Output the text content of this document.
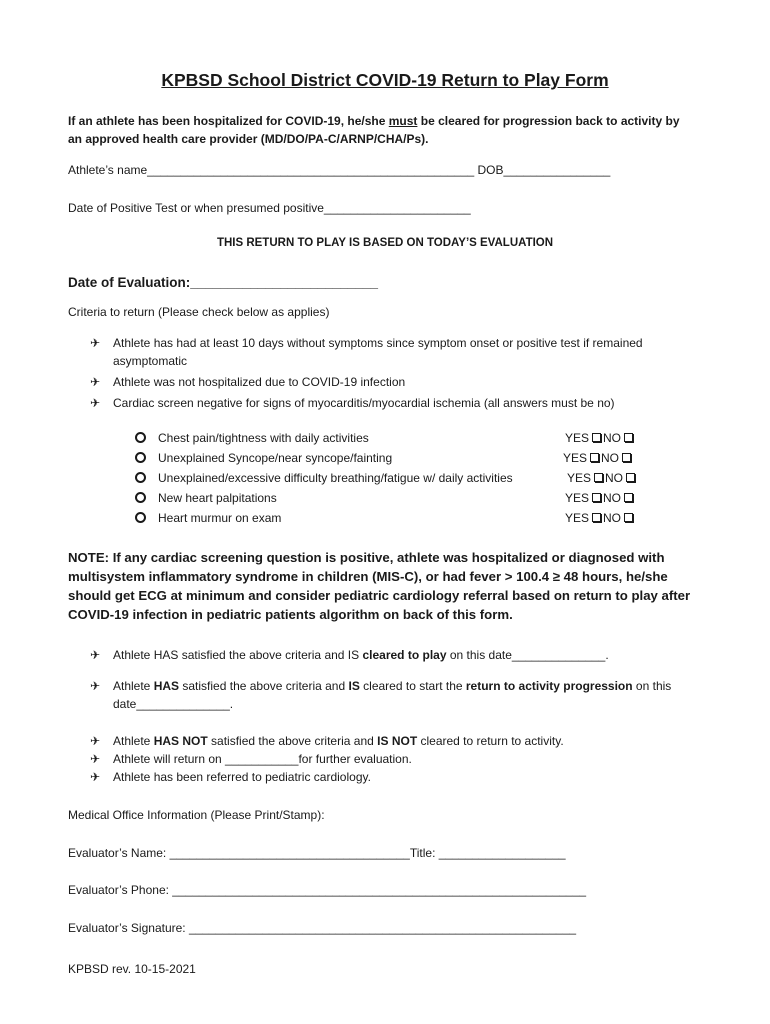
KPBSD School District COVID-19 Return to Play Form
If an athlete has been hospitalized for COVID-19, he/she must be cleared for progression back to activity by
an approved health care provider (MD/DO/PA-C/ARNP/CHA/Ps).
Athlete’s name_________________________________________________ DOB________________
Date of Positive Test or when presumed positive______________________
THIS RETURN TO PLAY IS BASED ON TODAY’S EVALUATION
Date of Evaluation:_________________________
Criteria to return (Please check below as applies)
✈ Athlete has had at least 10 days without symptoms since symptom onset or positive test if remained
asymptomatic
✈ Athlete was not hospitalized due to COVID-19 infection
✈ Cardiac screen negative for signs of myocarditis/myocardial ischemia (all answers must be no)
Chest pain/tightness with daily activities	YES NO
Unexplained Syncope/near syncope/fainting	YES NO
Unexplained/excessive difficulty breathing/fatigue w/ daily activities	YES NO
New heart palpitations	YES NO
Heart murmur on exam	YES NO
NOTE: If any cardiac screening question is positive, athlete was hospitalized or diagnosed with
multisystem inflammatory syndrome in children (MIS-C), or had fever > 100.4 ≥ 48 hours, he/she
should get ECG at minimum and consider pediatric cardiology referral based on return to play after
COVID-19 infection in pediatric patients algorithm on back of this form.
✈ Athlete HAS satisfied the above criteria and IS cleared to play on this date______________.
✈ Athlete HAS satisfied the above criteria and IS cleared to start the return to activity progression on this
date______________.
✈ Athlete HAS NOT satisfied the above criteria and IS NOT cleared to return to activity.
✈ Athlete will return on ___________for further evaluation.
✈ Athlete has been referred to pediatric cardiology.
Medical Office Information (Please Print/Stamp):
Evaluator’s Name: ____________________________________Title: ___________________
Evaluator’s Phone: ______________________________________________________________
Evaluator’s Signature: __________________________________________________________
KPBSD rev. 10-15-2021
